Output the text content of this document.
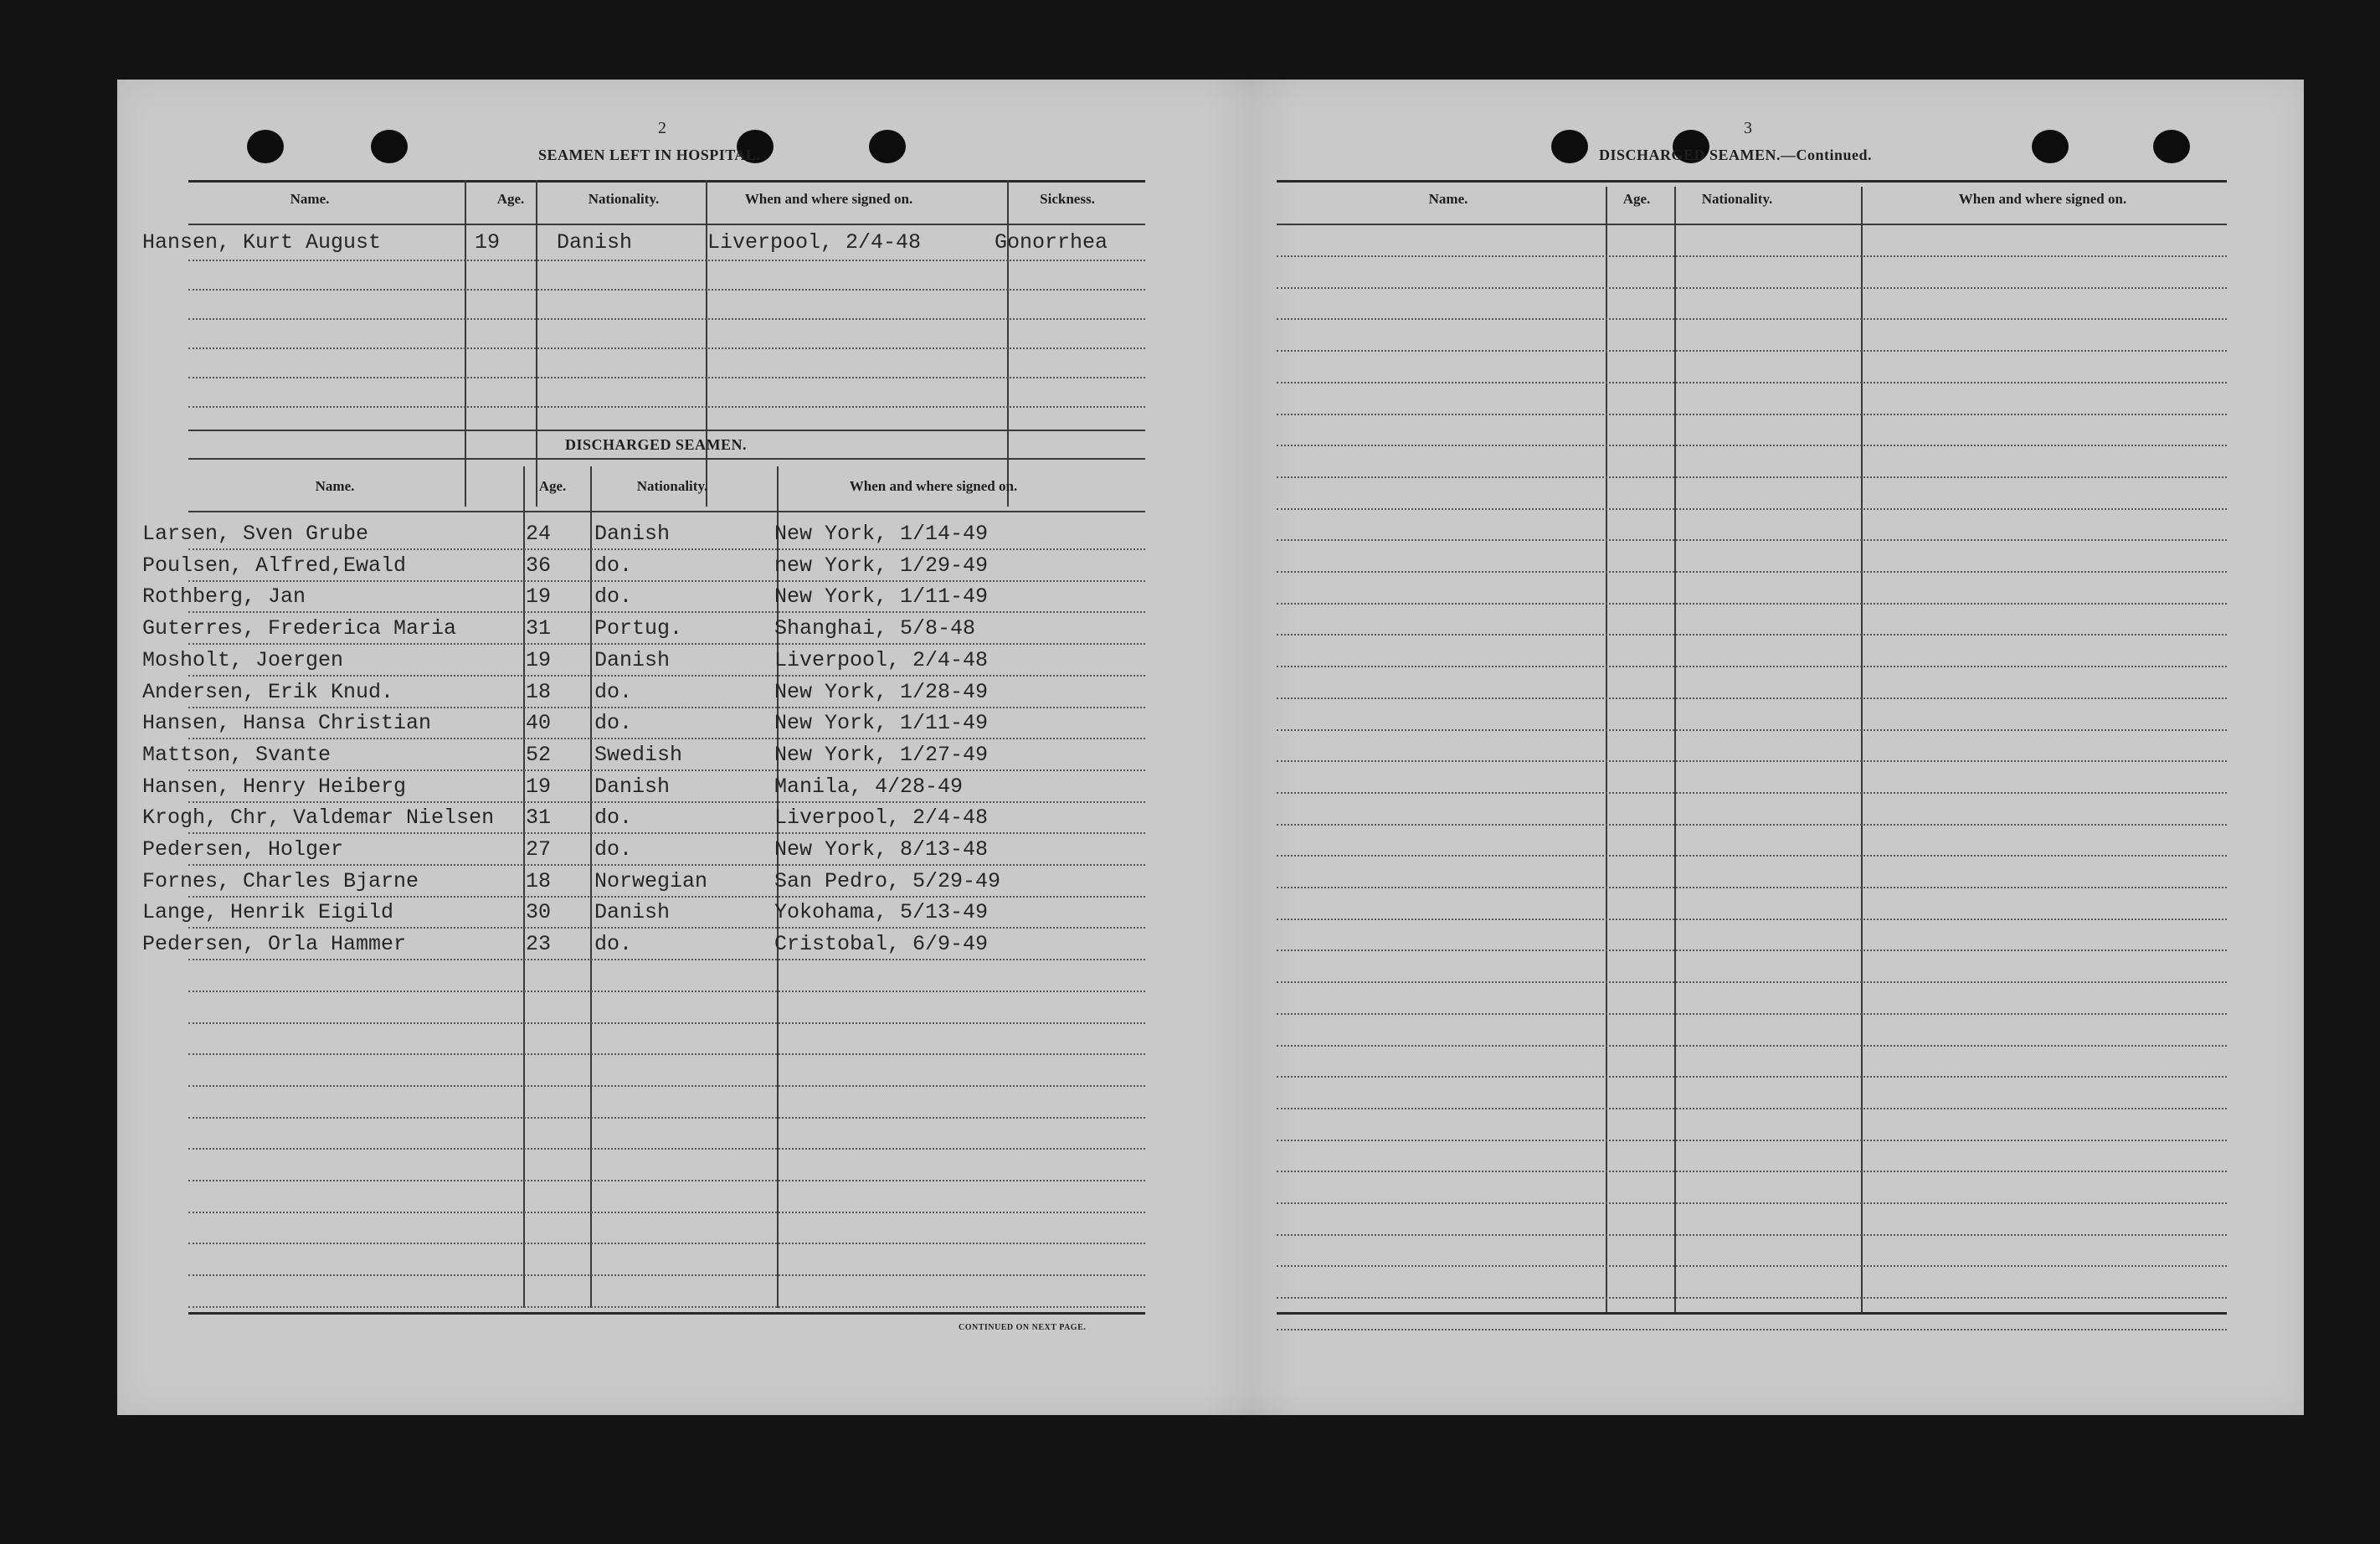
2
SEAMEN LEFT IN HOSPITAL.
Name.	Age.	Nationality.	When and where signed on.	Sickness.
Hansen, Kurt August	19	Danish	Liverpool, 2/4-48	Gonorrhea
DISCHARGED SEAMEN.
Name.	Age.	Nationality.	When and where signed on.
Larsen, Sven Grube	24 Danish	New York, 1/14-49
Poulsen, Alfred,Ewald	36 do.	new York, 1/29-49
Rothberg, Jan	19 do.	New York, 1/11-49
Guterres, Frederica Maria	31 Portug.	Shanghai, 5/8-48
Mosholt, Joergen	19 Danish	Liverpool, 2/4-48
Andersen, Erik Knud.	18 do.	New York, 1/28-49
Hansen, Hansa Christian	40 do.	New York, 1/11-49
Mattson, Svante	52 Swedish	New York, 1/27-49
Hansen, Henry Heiberg	19 Danish	Manila, 4/28-49
Krogh, Chr, Valdemar Nielsen 31 do.	Liverpool, 2/4-48
Pedersen, Holger	27 do.	New York, 8/13-48
Fornes, Charles Bjarne	18 Norwegian	San Pedro, 5/29-49
Lange, Henrik Eigild	30 Danish	Yokohama, 5/13-49
Pedersen, Orla Hammer	23 do.	Cristobal, 6/9-49
CONTINUED ON NEXT PAGE.
3
DISCHARGED SEAMEN.—Continued.
Name.	Age.	Nationality.	When and where signed on.
